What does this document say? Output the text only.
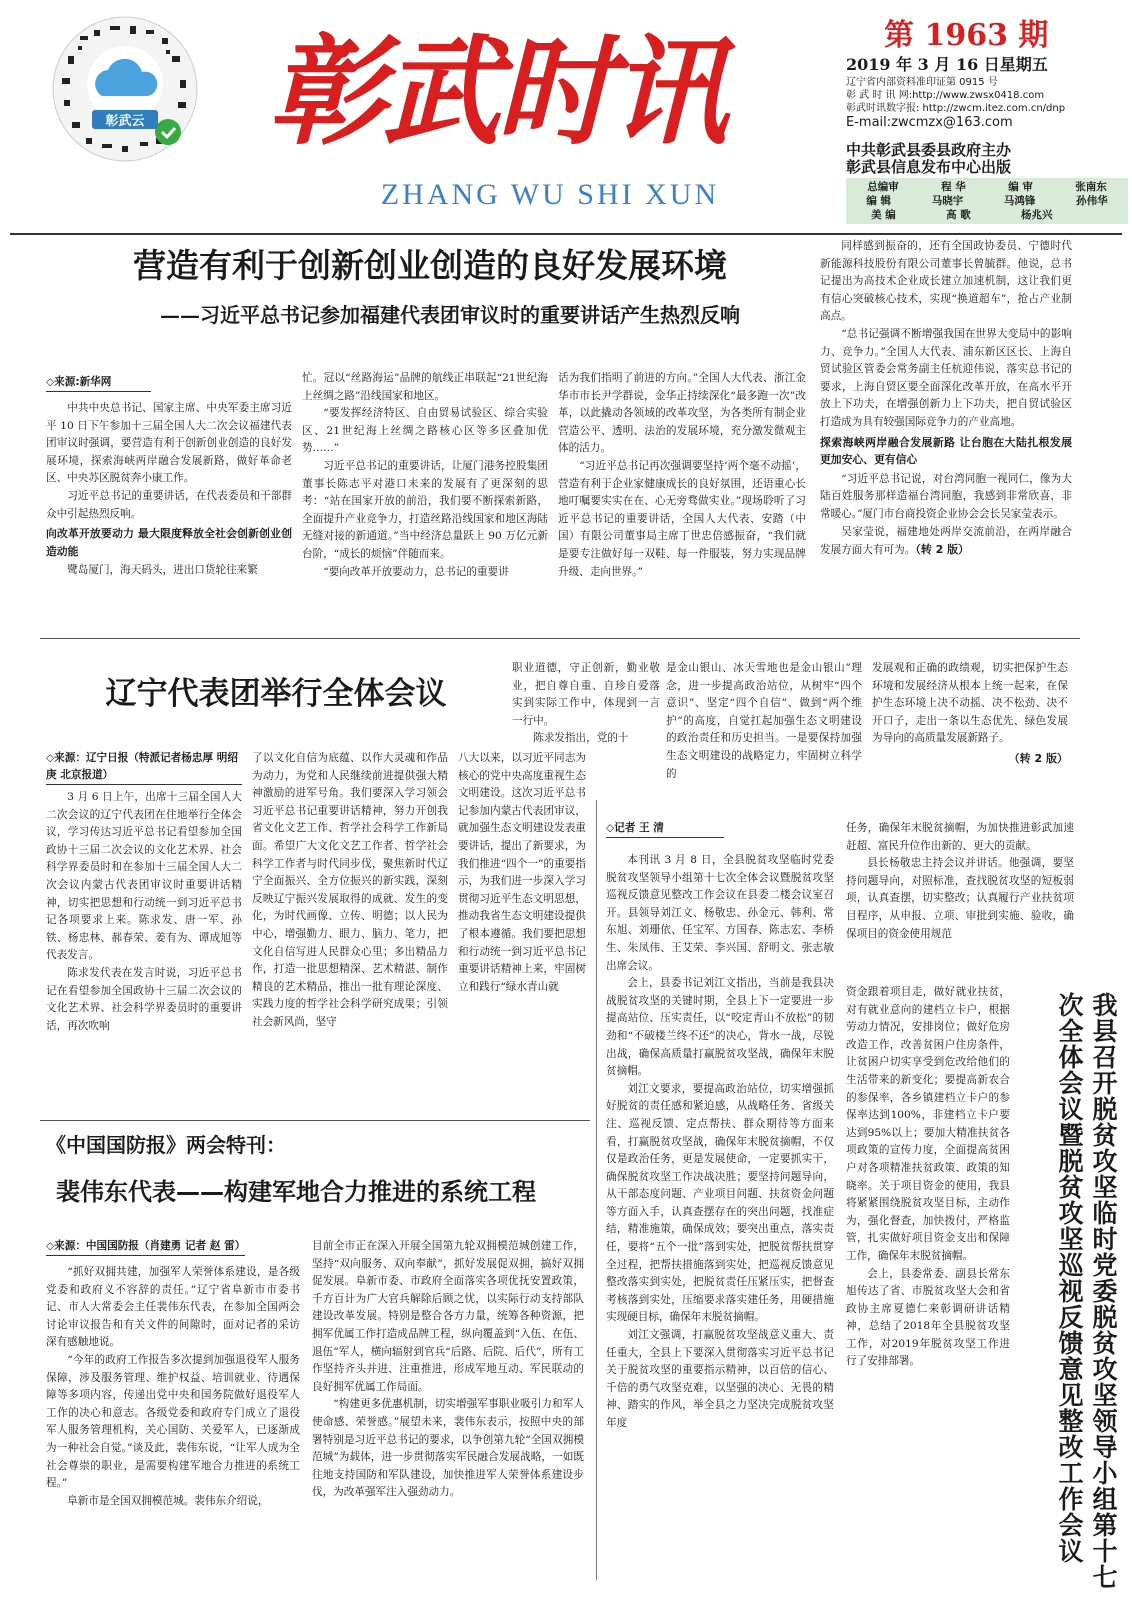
彰武云 彰武时讯
ZHANG WU SHI XUN
第 1963 期
2019 年 3 月 16 日星期五
辽宁省内部资料准印证第 0915 号
彰 武 时 讯 网:http://www.zwsx0418.com
彰武时讯数字报: http://zwcm.itez.com.cn/dnp
E-mail:zwcmzx@163.com
中共彰武县委县政府主办
彰武县信息发布中心出版
总编审	程 华	编 审	张南东
编 辑	马晓宇	马鸿锋	孙伟华
美 编	高 歌	杨兆兴
营造有利于创新创业创造的良好发展环境
——习近平总书记参加福建代表团审议时的重要讲话产生热烈反响
◇来源:新华网

中共中央总书记、国家主席、中央军委主席习近平 10 日下午参加十三届全国人大二次会议福建代表团审议时强调，要营造有利于创新创业创造的良好发展环境，探索海峡两岸融合发展新路，做好革命老区、中央苏区脱贫奔小康工作。

习近平总书记的重要讲话，在代表委员和干部群众中引起热烈反响。

向改革开放要动力 最大限度释放全社会创新创业创造动能

鹭岛厦门，海天码头，进出口货轮往来繁

忙。冠以“丝路海运”品牌的航线正串联起“21世纪海上丝绸之路”沿线国家和地区。

“要发挥经济特区、自由贸易试验区、综合实验区、21世纪海上丝绸之路核心区等多区叠加优势……”

习近平总书记的重要讲话，让厦门港务控股集团董事长陈志平对港口未来的发展有了更深刻的思考：“站在国家开放的前沿，我们要不断探索新路，全面提升产业竞争力，打造丝路沿线国家和地区海陆无缝对接的新通道。”当中经济总量跃上 90 万亿元新台阶，“成长的烦恼”伴随而来。

“要向改革开放要动力，总书记的重要讲

话为我们指明了前进的方向。”全国人大代表、浙江金华市市长尹学群说，金华正持续深化“最多跑一次”改革，以此撬动各领域的改革攻坚，为各类所有制企业营造公平、透明、法治的发展环境，充分激发微观主体的活力。

“习近平总书记再次强调要坚持‘两个毫不动摇’，营造有利于企业家健康成长的良好氛围，还语重心长地叮嘱要实实在在、心无旁骛做实业。”现场聆听了习近平总书记的重要讲话，全国人大代表、安踏（中国）有限公司董事局主席丁世忠倍感振奋，“我们就是要专注做好每一双鞋、每一件服装，努力实现品牌升级、走向世界。”

同样感到振奋的，还有全国政协委员、宁德时代新能源科技股份有限公司董事长曾毓群。他说，总书记提出为高技术企业成长建立加速机制，这让我们更有信心突破核心技术，实现“换道超车”，抢占产业制高点。

“总书记强调不断增强我国在世界大变局中的影响力、竞争力。”全国人大代表、浦东新区区长、上海自贸试验区管委会常务副主任杭迎伟说，落实总书记的要求，上海自贸区要全面深化改革开放，在高水平开放上下功夫，在增强创新力上下功夫，把自贸试验区打造成为具有较强国际竞争力的产业高地。

探索海峡两岸融合发展新路 让台胞在大陆扎根发展更加安心、更有信心

“习近平总书记说，对台湾同胞一视同仁，像为大陆百姓服务那样造福台湾同胞，我感到非常欣喜，非常暖心。”厦门市台商投资企业协会会长吴家莹表示。

吴家莹说，福建地处两岸交流前沿，在两岸融合发展方面大有可为。（转 2 版）

辽宁代表团举行全体会议

职业道德，守正创新，勤业敬业，把自尊自重、自珍自爱落实到实际工作中，体现到一言一行中。

陈求发指出，党的十

是金山银山、冰天雪地也是金山银山”理念，进一步提高政治站位，从树牢“四个意识”、坚定“四个自信”、做到“两个维护”的高度，自觉扛起加强生态文明建设的政治责任和历史担当。一是要保持加强生态文明建设的战略定力，牢固树立科学的

发展观和正确的政绩观，切实把保护生态环境和发展经济从根本上统一起来，在保护生态环境上决不动摇、决不松劲、决不开口子，走出一条以生态优先、绿色发展为导向的高质量发展新路子。

（转 2 版）

◇来源：辽宁日报（特派记者杨忠厚 明绍庚 北京报道）

3 月 6 日上午，出席十三届全国人大二次会议的辽宁代表团在住地举行全体会议，学习传达习近平总书记看望参加全国政协十三届二次会议的文化艺术界、社会科学界委员时和在参加十三届全国人大二次会议内蒙古代表团审议时重要讲话精神，切实把思想和行动统一到习近平总书记各项要求上来。陈求发、唐一军、孙铁、杨忠林、郝春荣、姜有为、谭成旭等代表发言。

陈求发代表在发言时说，习近平总书记在看望参加全国政协十三届二次会议的文化艺术界、社会科学界委员时的重要讲话，再次吹响

了以文化自信为底蕴、以作大灵魂和作品为动力，为党和人民继续前进提供强大精神激励的进军号角。我们要深入学习领会习近平总书记重要讲话精神，努力开创我省文化文艺工作、哲学社会科学工作新局面。希望广大文化文艺工作者、哲学社会科学工作者与时代同步伐，聚焦新时代辽宁全面振兴、全方位振兴的新实践，深刻反映辽宁振兴发展取得的成就、发生的变化，为时代画像、立传、明德；以人民为中心，增强勤力、眼力、脑力、笔力，把文化自信写进人民群众心里；多出精品力作，打造一批思想精深、艺术精湛、制作精良的艺术精品，推出一批有理论深度、实践力度的哲学社会科学研究成果；引领社会新风尚，坚守

八大以来，以习近平同志为核心的党中央高度重视生态文明建设。这次习近平总书记参加内蒙古代表团审议，就加强生态文明建设发表重要讲话，提出了新要求，为我们推进“四个一”的重要指示，为我们进一步深入学习贯彻习近平生态文明思想，推动我省生态文明建设提供了根本遵循。我们要把思想和行动统一到习近平总书记重要讲话精神上来，牢固树立和践行“绿水青山就

《中国国防报》两会特刊：
裴伟东代表——构建军地合力推进的系统工程
◇来源：中国国防报（肖建勇 记者 赵 雷）

“抓好双拥共建，加强军人荣誉体系建设，是各级党委和政府义不容辞的责任。”辽宁省阜新市市委书记、市人大常委会主任裴伟东代表，在参加全国两会讨论审议报告和有关文件的间隙时，面对记者的采访深有感触地说。

“今年的政府工作报告多次提到加强退役军人服务保障，涉及服务管理、维护权益、培训就业、待遇保障等多项内容，传递出党中央和国务院做好退役军人工作的决心和意志。各级党委和政府专门成立了退役军人服务管理机构，关心国防、关爱军人，已逐渐成为一种社会自觉。”谈及此，裴伟东说，“让军人成为全社会尊崇的职业，是需要构建军地合力推进的系统工程。”

阜新市是全国双拥模范城。裴伟东介绍说，

目前全市正在深入开展全国第九轮双拥模范城创建工作，坚持“双向服务、双向奉献”，抓好发展促双拥，搞好双拥促发展。阜新市委、市政府全面落实各项优抚安置政策，千方百计为广大官兵解除后顾之忧，以实际行动支持部队建设改革发展。特别是整合各方力量，统筹各种资源，把拥军优属工作打造成品牌工程，纵向覆盖到“入伍、在伍、退伍”军人，横向辐射到官兵“后路、后院、后代”，所有工作坚持齐头并进、注重推进，形成军地互动、军民联动的良好拥军优属工作局面。

“构建更多优惠机制，切实增强军事职业吸引力和军人使命感、荣誉感。”展望未来，裴伟东表示，按照中央的部署特别是习近平总书记的要求，以争创第九轮“全国双拥模范城”为载体，进一步贯彻落实军民融合发展战略，一如既往地支持国防和军队建设，加快推进军人荣誉体系建设步伐，为改革强军注入强劲动力。

◇记者 王 清

本刊讯 3 月 8 日，全县脱贫攻坚临时党委脱贫攻坚领导小组第十七次全体会议暨脱贫攻坚巡视反馈意见整改工作会议在县委二楼会议室召开。县领导刘江文、杨敬忠、孙金元、韩利、常东旭、刘珊依、任宝军、方国春、陈志宏、李桥生、朱凤伟、王艾荣、李兴国、舒明文、张志敏出席会议。

会上，县委书记刘江文指出，当前是我县决战脱贫攻坚的关键时期，全县上下一定要进一步提高站位、压实责任，以“咬定青山不放松”的韧劲和“不破楼兰终不还”的决心，背水一战，尽锐出战，确保高质量打赢脱贫攻坚战，确保年末脱贫摘帽。

刘江文要求，要提高政治站位，切实增强抓好脱贫的责任感和紧迫感，从战略任务、省级关注、巡视反馈、定点帮扶、群众期待等方面来看，打赢脱贫攻坚战，确保年末脱贫摘帽，不仅仅是政治任务，更是发展使命，一定要抓实干，确保脱贫攻坚工作决战决胜；要坚持问题导向，从干部态度问题、产业项目问题、扶贫资金问题等方面入手，认真查摆存在的突出问题，找准症结，精准施策，确保成效；要突出重点，落实责任，要将“五个一批”落到实处，把脱贫帮扶贯穿全过程，把帮扶措施落到实处，把巡视反馈意见整改落实到实处，把脱贫责任压紧压实，把督查考核落到实处，压缩要求落实建任务，用硬措施实现硬目标，确保年末脱贫摘帽。

刘江文强调，打赢脱贫攻坚战意义重大、责任重大，全县上下要深入贯彻落实习近平总书记关于脱贫攻坚的重要指示精神，以百倍的信心、千倍的勇气攻坚克难，以坚强的决心、无畏的精神、踏实的作风，举全县之力坚决完成脱贫攻坚年度

任务，确保年末脱贫摘帽，为加快推进彰武加速赶超、富民升位作出新的、更大的贡献。

县长杨敬忠主持会议并讲话。他强调，要坚持问题导向，对照标准，查找脱贫攻坚的短板弱项，认真查摆，切实整改；认真履行产业扶贫项目程序，从申报、立项、审批到实施、验收，确保项目的资金使用规范

资金跟着项目走，做好就业扶贫，对有就业意向的建档立卡户，根据劳动力情况，安排岗位；做好危房改造工作，改善贫困户住房条件，让贫困户切实享受到危改给他们的生活带来的新变化；要提高新农合的参保率，各乡镇建档立卡户的参保率达到100%，非建档立卡户要达到95%以上；要加大精准扶贫各项政策的宣传力度，全面提高贫困户对各项精准扶贫政策、政策的知晓率。关于项目资金的使用，我县将紧紧围绕脱贫攻坚目标，主动作为，强化督查，加快拨付，严格监管，扎实做好项目资金支出和保障工作，确保年末脱贫摘帽。

会上，县委常委、副县长常东旭传达了省、市脱贫攻坚大会和省政协主席夏德仁来彰调研讲话精神，总结了2018年全县脱贫攻坚工作，对2019年脱贫攻坚工作进行了安排部署。	我县召开脱贫攻坚临时党委脱贫攻坚领导小组第十七次全体会议暨脱贫攻坚巡视反馈意见整改工作会议
